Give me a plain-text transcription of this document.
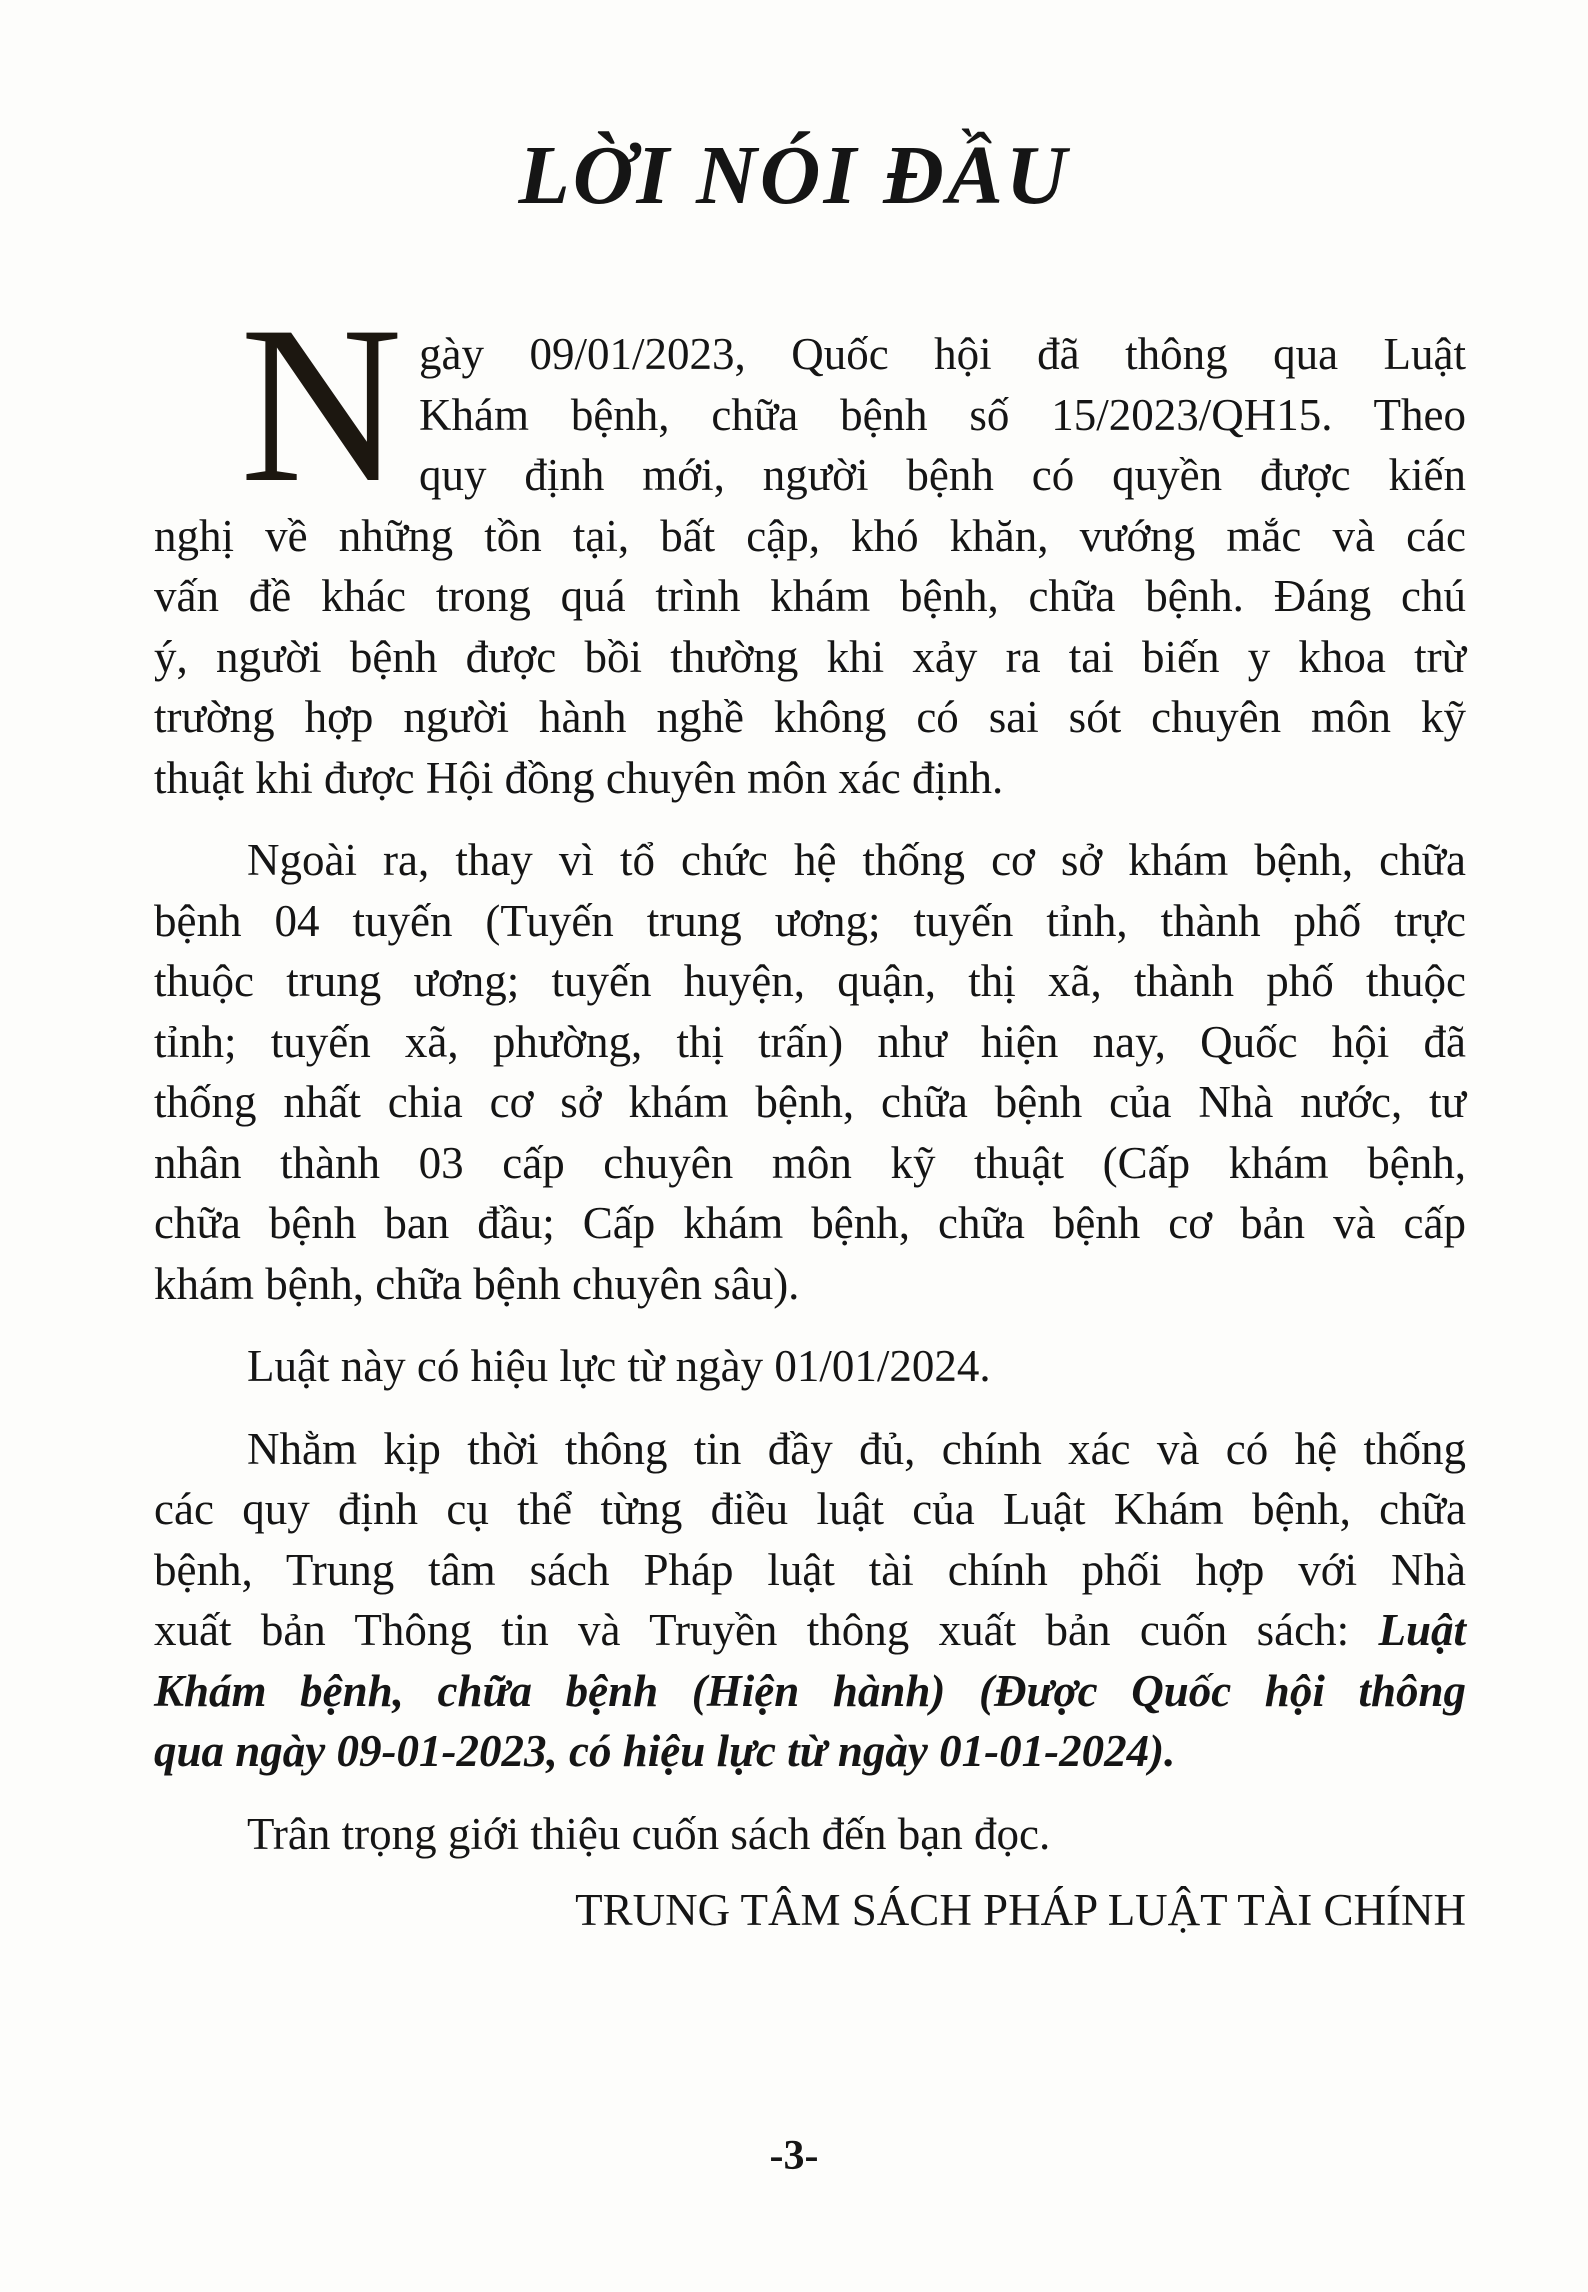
LỜI NÓI ĐẦU
N gày 09/01/2023, Quốc hội đã thông qua Luật
Khám bệnh, chữa bệnh số 15/2023/QH15. Theo
quy định mới, người bệnh có quyền được kiến
nghị về những tồn tại, bất cập, khó khăn, vướng mắc và các
vấn đề khác trong quá trình khám bệnh, chữa bệnh. Đáng chú
ý, người bệnh được bồi thường khi xảy ra tai biến y khoa trừ
trường hợp người hành nghề không có sai sót chuyên môn kỹ
thuật khi được Hội đồng chuyên môn xác định.
Ngoài ra, thay vì tổ chức hệ thống cơ sở khám bệnh, chữa
bệnh 04 tuyến (Tuyến trung ương; tuyến tỉnh, thành phố trực
thuộc trung ương; tuyến huyện, quận, thị xã, thành phố thuộc
tỉnh; tuyến xã, phường, thị trấn) như hiện nay, Quốc hội đã
thống nhất chia cơ sở khám bệnh, chữa bệnh của Nhà nước, tư
nhân thành 03 cấp chuyên môn kỹ thuật (Cấp khám bệnh,
chữa bệnh ban đầu; Cấp khám bệnh, chữa bệnh cơ bản và cấp
khám bệnh, chữa bệnh chuyên sâu).
Luật này có hiệu lực từ ngày 01/01/2024.
Nhằm kịp thời thông tin đầy đủ, chính xác và có hệ thống
các quy định cụ thể từng điều luật của Luật Khám bệnh, chữa
bệnh, Trung tâm sách Pháp luật tài chính phối hợp với Nhà
xuất bản Thông tin và Truyền thông xuất bản cuốn sách: Luật
Khám bệnh, chữa bệnh (Hiện hành) (Được Quốc hội thông
qua ngày 09-01-2023, có hiệu lực từ ngày 01-01-2024).
Trân trọng giới thiệu cuốn sách đến bạn đọc.
TRUNG TÂM SÁCH PHÁP LUẬT TÀI CHÍNH
-3-
